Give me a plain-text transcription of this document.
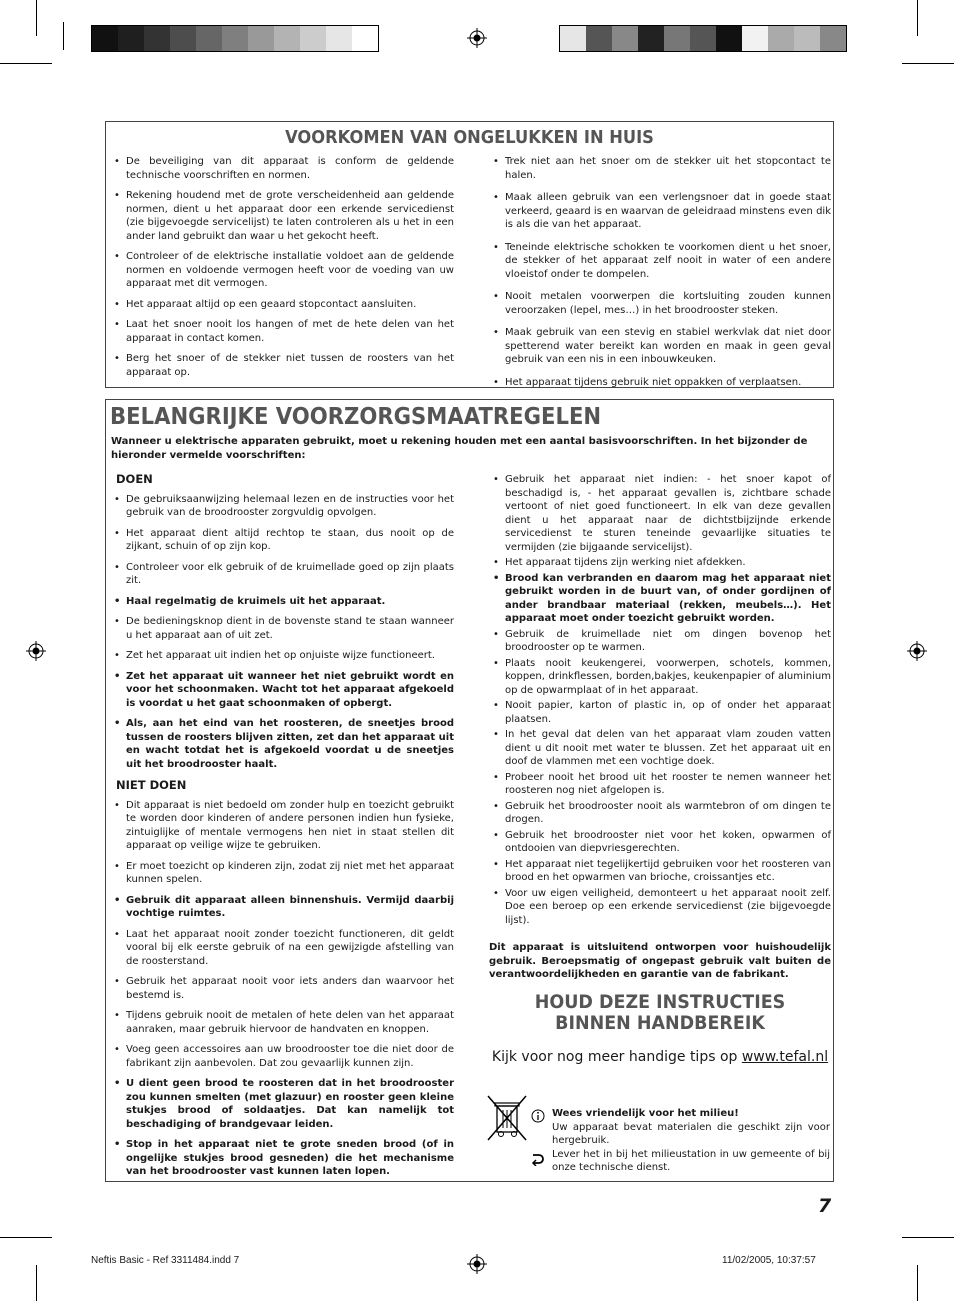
VOORKOMEN VAN ONGELUKKEN IN HUIS
• De beveiliging van dit apparaat is conform de geldende technische voorschriften en normen.
• Rekening houdend met de grote verscheidenheid aan geldende normen, dient u het apparaat door een erkende servicedienst (zie bijgevoegde servicelijst) te laten controleren als u het in een ander land gebruikt dan waar u het gekocht heeft.
• Controleer of de elektrische installatie voldoet aan de geldende normen en voldoende vermogen heeft voor de voeding van uw apparaat met dit vermogen.
• Het apparaat altijd op een geaard stopcontact aansluiten.
• Laat het snoer nooit los hangen of met de hete delen van het apparaat in contact komen.
• Berg het snoer of de stekker niet tussen de roosters van het apparaat op.
• Trek niet aan het snoer om de stekker uit het stopcontact te halen.
• Maak alleen gebruik van een verlengsnoer dat in goede staat verkeerd, geaard is en waarvan de geleidraad minstens even dik is als die van het apparaat.
• Teneinde elektrische schokken te voorkomen dient u het snoer, de stekker of het apparaat zelf nooit in water of een andere vloeistof onder te dompelen.
• Nooit metalen voorwerpen die kortsluiting zouden kunnen veroorzaken (lepel, mes…) in het broodrooster steken.
• Maak gebruik van een stevig en stabiel werkvlak dat niet door spetterend water bereikt kan worden en maak in geen geval gebruik van een nis in een inbouwkeuken.
• Het apparaat tijdens gebruik niet oppakken of verplaatsen.
BELANGRIJKE VOORZORGSMAATREGELEN
Wanneer u elektrische apparaten gebruikt, moet u rekening houden met een aantal basisvoorschriften. In het bijzonder de hieronder vermelde voorschriften:
DOEN
• De gebruiksaanwijzing helemaal lezen en de instructies voor het gebruik van de broodrooster zorgvuldig opvolgen.
• Het apparaat dient altijd rechtop te staan, dus nooit op de zijkant, schuin of op zijn kop.
• Controleer voor elk gebruik of de kruimellade goed op zijn plaats zit.
• Haal regelmatig de kruimels uit het apparaat.
• De bedieningsknop dient in de bovenste stand te staan wanneer u het apparaat aan of uit zet.
• Zet het apparaat uit indien het op onjuiste wijze functioneert.
• Zet het apparaat uit wanneer het niet gebruikt wordt en voor het schoonmaken. Wacht tot het apparaat afgekoeld is voordat u het gaat schoonmaken of opbergt.
• Als, aan het eind van het roosteren, de sneetjes brood tussen de roosters blijven zitten, zet dan het apparaat uit en wacht totdat het is afgekoeld voordat u de sneetjes uit het broodrooster haalt.
NIET DOEN
• Dit apparaat is niet bedoeld om zonder hulp en toezicht gebruikt te worden door kinderen of andere personen indien hun fysieke, zintuiglijke of mentale vermogens hen niet in staat stellen dit apparaat op veilige wijze te gebruiken.
• Er moet toezicht op kinderen zijn, zodat zij niet met het apparaat kunnen spelen.
• Gebruik dit apparaat alleen binnenshuis. Vermijd daarbij vochtige ruimtes.
• Laat het apparaat nooit zonder toezicht functioneren, dit geldt vooral bij elk eerste gebruik of na een gewijzigde afstelling van de roosterstand.
• Gebruik het apparaat nooit voor iets anders dan waarvoor het bestemd is.
• Tijdens gebruik nooit de metalen of hete delen van het apparaat aanraken, maar gebruik hiervoor de handvaten en knoppen.
• Voeg geen accessoires aan uw broodrooster toe die niet door de fabrikant zijn aanbevolen. Dat zou gevaarlijk kunnen zijn.
• U dient geen brood te roosteren dat in het broodrooster zou kunnen smelten (met glazuur) en rooster geen kleine stukjes brood of soldaatjes. Dat kan namelijk tot beschadiging of brandgevaar leiden.
• Stop in het apparaat niet te grote sneden brood (of in ongelijke stukjes brood gesneden) die het mechanisme van het broodrooster vast kunnen laten lopen.
• Gebruik het apparaat niet indien: - het snoer kapot of beschadigd is, - het apparaat gevallen is, zichtbare schade vertoont of niet goed functioneert. In elk van deze gevallen dient u het apparaat naar de dichtstbijzijnde erkende servicedienst te sturen teneinde gevaarlijke situaties te vermijden (zie bijgaande servicelijst).
• Het apparaat tijdens zijn werking niet afdekken.
• Brood kan verbranden en daarom mag het apparaat niet gebruikt worden in de buurt van, of onder gordijnen of ander brandbaar materiaal (rekken, meubels…). Het apparaat moet onder toezicht gebruikt worden.
• Gebruik de kruimellade niet om dingen bovenop het broodrooster op te warmen.
• Plaats nooit keukengerei, voorwerpen, schotels, kommen, koppen, drinkflessen, borden,bakjes, keukenpapier of aluminium op de opwarmplaat of in het apparaat.
• Nooit papier, karton of plastic in, op of onder het apparaat plaatsen.
• In het geval dat delen van het apparaat vlam zouden vatten dient u dit nooit met water te blussen. Zet het apparaat uit en doof de vlammen met een vochtige doek.
• Probeer nooit het brood uit het rooster te nemen wanneer het roosteren nog niet afgelopen is.
• Gebruik het broodrooster nooit als warmtebron of om dingen te drogen.
• Gebruik het broodrooster niet voor het koken, opwarmen of ontdooien van diepvriesgerechten.
• Het apparaat niet tegelijkertijd gebruiken voor het roosteren van brood en het opwarmen van brioche, croissantjes etc.
• Voor uw eigen veiligheid, demonteert u het apparaat nooit zelf. Doe een beroep op een erkende servicedienst (zie bijgevoegde lijst).
Dit apparaat is uitsluitend ontworpen voor huishoudelijk gebruik. Beroepsmatig of ongepast gebruik valt buiten de verantwoordelijkheden en garantie van de fabrikant.
HOUD DEZE INSTRUCTIES
BINNEN HANDBEREIK
Kijk voor nog meer handige tips op www.tefal.nl
Wees vriendelijk voor het milieu!
Uw apparaat bevat materialen die geschikt zijn voor hergebruik.
Lever het in bij het milieustation in uw gemeente of bij onze technische dienst.
7
Neftis Basic - Ref 3311484.indd 7	11/02/2005, 10:37:57
